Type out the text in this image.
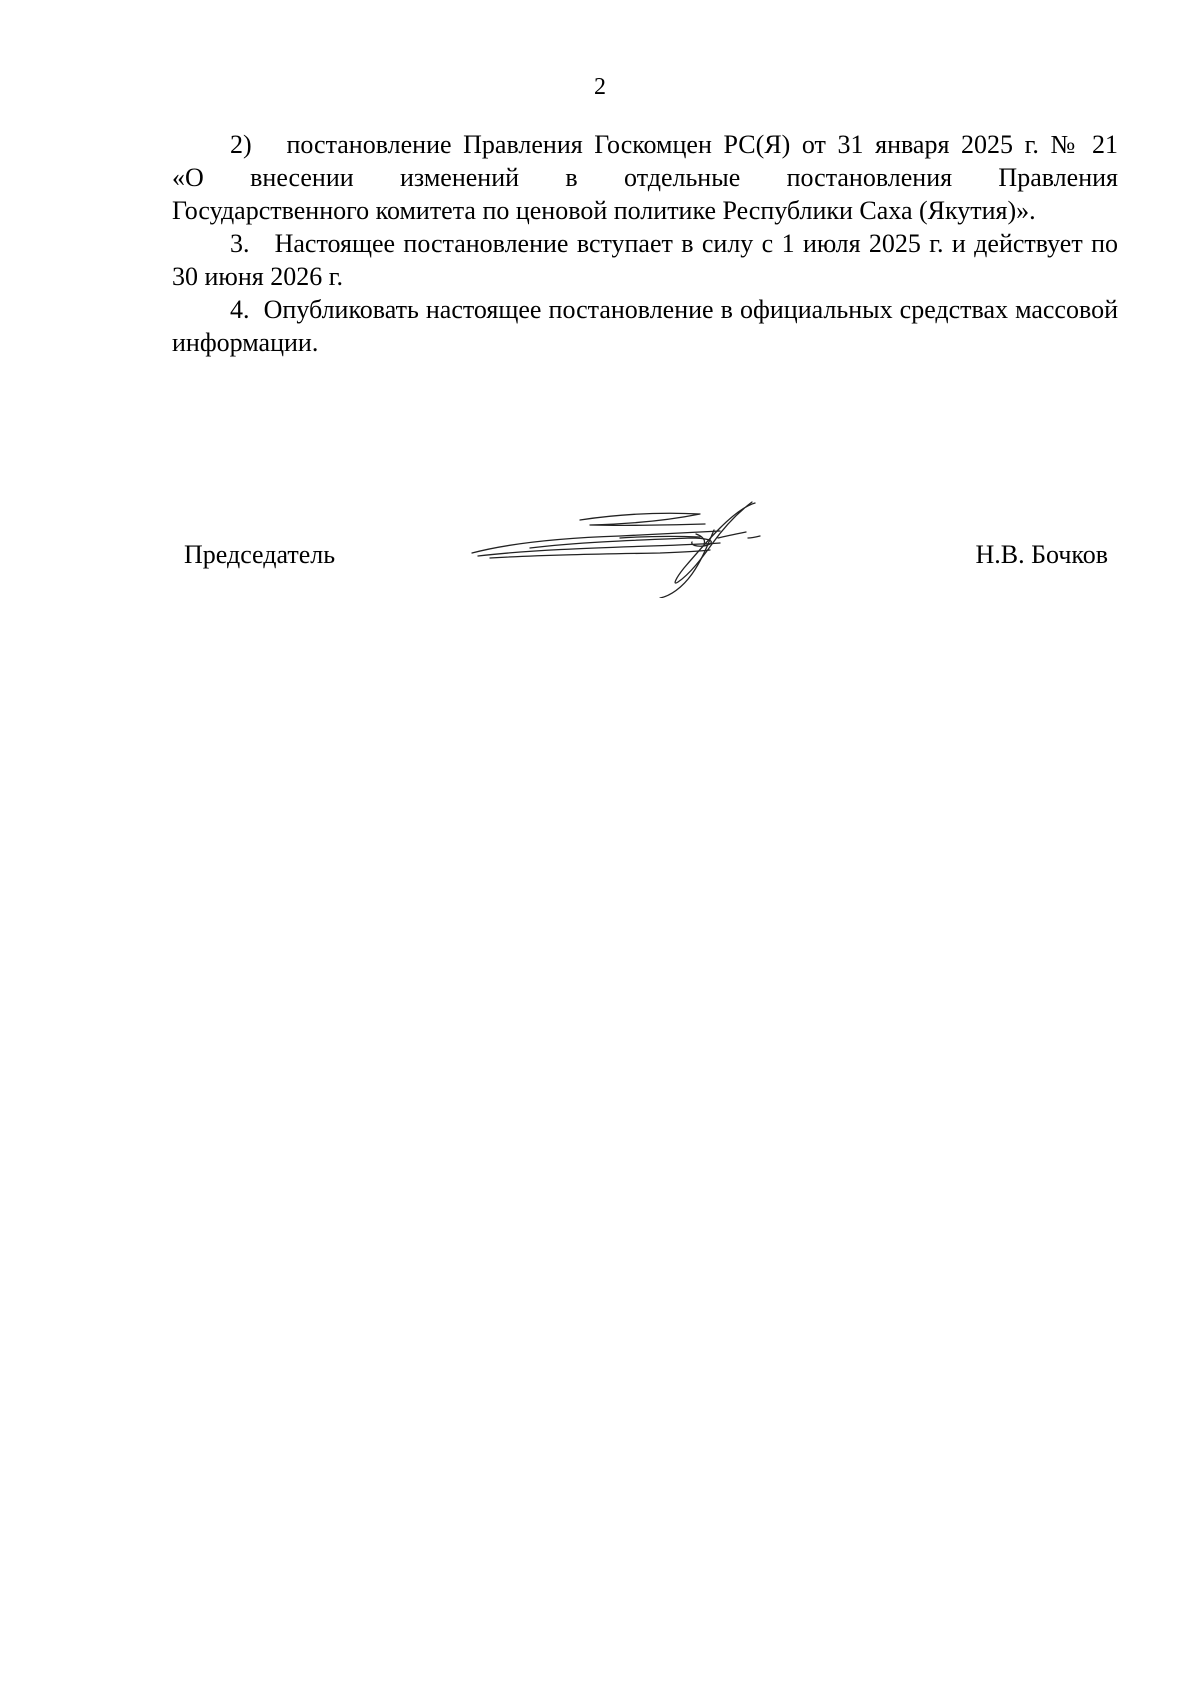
2

2)   постановление Правления Госкомцен РС(Я) от 31 января 2025 г. № 21

«О внесении изменений в отдельные постановления Правления

Государственного комитета по ценовой политике Республики Саха (Якутия)».

3.   Настоящее постановление вступает в силу с 1 июля 2025 г. и действует по 30 июня 2026 г.

4.  Опубликовать настоящее постановление в официальных средствах массовой информации.

Председатель	Н.В. Бочков
